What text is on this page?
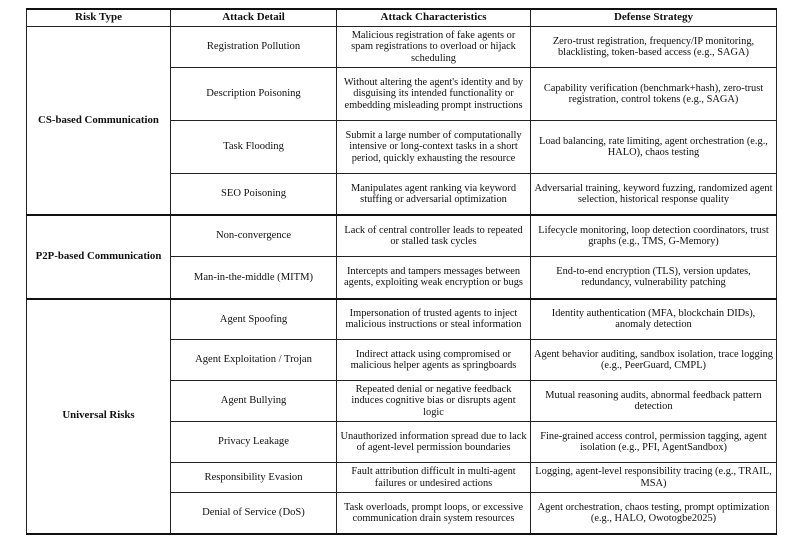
Risk Type	Attack Detail	Attack Characteristics	Defense Strategy
CS-based Communication	Registration Pollution	Malicious registration of fake agents or spam registrations to overload or hijack scheduling	Zero-trust registration, frequency/IP monitoring, blacklisting, token-based access (e.g., SAGA)
	Description Poisoning	Without altering the agent's identity and by disguising its intended functionality or embedding misleading prompt instructions	Capability verification (benchmark+hash), zero-trust registration, control tokens (e.g., SAGA)
	Task Flooding	Submit a large number of computationally intensive or long-context tasks in a short period, quickly exhausting the resource	Load balancing, rate limiting, agent orchestration (e.g., HALO), chaos testing
	SEO Poisoning	Manipulates agent ranking via keyword stuffing or adversarial optimization	Adversarial training, keyword fuzzing, randomized agent selection, historical response quality
P2P-based Communication	Non-convergence	Lack of central controller leads to repeated or stalled task cycles	Lifecycle monitoring, loop detection coordinators, trust graphs (e.g., TMS, G-Memory)
	Man-in-the-middle (MITM)	Intercepts and tampers messages between agents, exploiting weak encryption or bugs	End-to-end encryption (TLS), version updates, redundancy, vulnerability patching
Universal Risks	Agent Spoofing	Impersonation of trusted agents to inject malicious instructions or steal information	Identity authentication (MFA, blockchain DIDs), anomaly detection
	Agent Exploitation / Trojan	Indirect attack using compromised or malicious helper agents as springboards	Agent behavior auditing, sandbox isolation, trace logging (e.g., PeerGuard, CMPL)
	Agent Bullying	Repeated denial or negative feedback induces cognitive bias or disrupts agent logic	Mutual reasoning audits, abnormal feedback pattern detection
	Privacy Leakage	Unauthorized information spread due to lack of agent-level permission boundaries	Fine-grained access control, permission tagging, agent isolation (e.g., PFI, AgentSandbox)
	Responsibility Evasion	Fault attribution difficult in multi-agent failures or undesired actions	Logging, agent-level responsibility tracing (e.g., TRAIL, MSA)
	Denial of Service (DoS)	Task overloads, prompt loops, or excessive communication drain system resources	Agent orchestration, chaos testing, prompt optimization (e.g., HALO, Owotogbe2025)
